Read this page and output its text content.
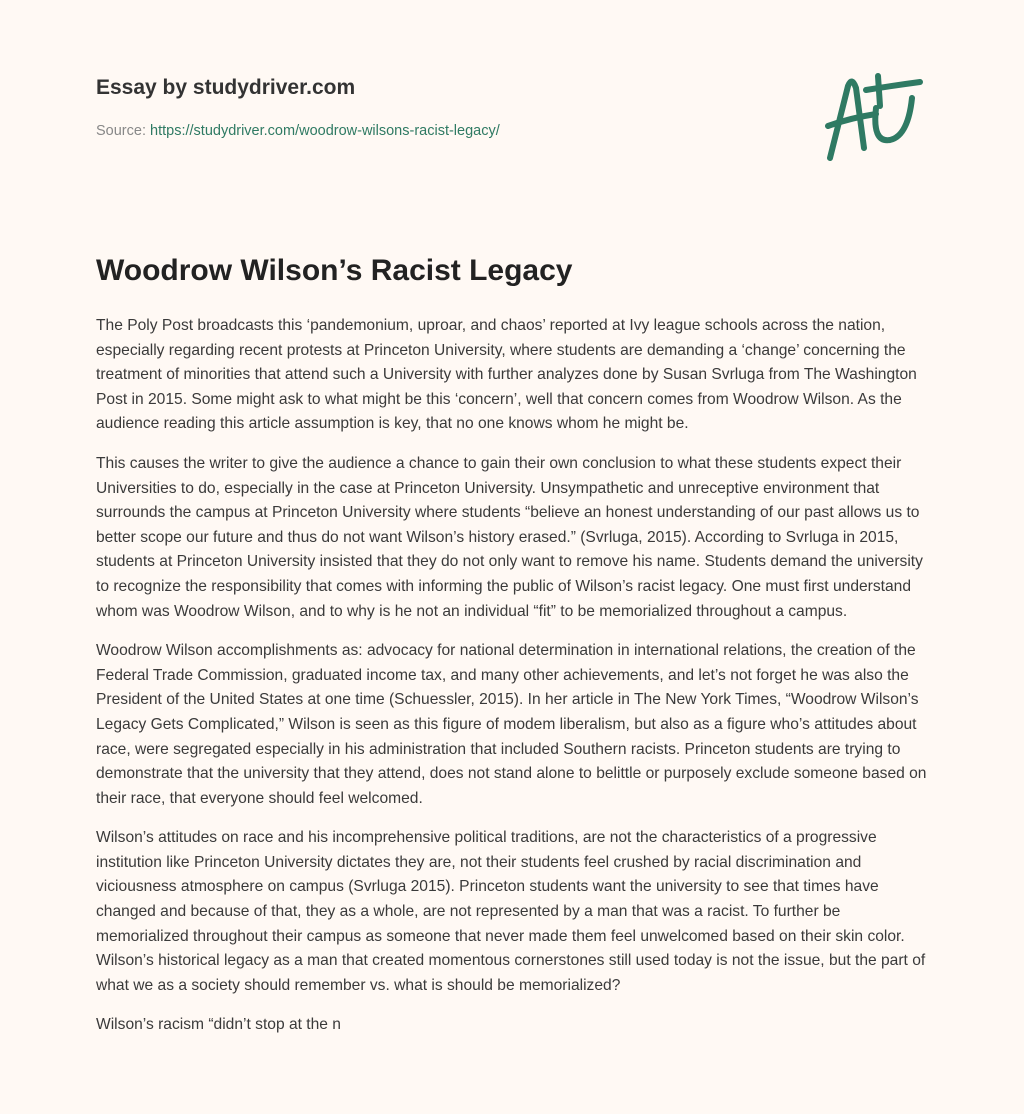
Essay by studydriver.com

Source: https://studydriver.com/woodrow-wilsons-racist-legacy/
Woodrow Wilson’s Racist Legacy

The Poly Post broadcasts this ‘pandemonium, uproar, and chaos’ reported at Ivy league schools across the nation, especially regarding recent protests at Princeton University, where students are demanding a ‘change’ concerning the treatment of minorities that attend such a University with further analyzes done by Susan Svrluga from The Washington Post in 2015. Some might ask to what might be this ‘concern’, well that concern comes from Woodrow Wilson. As the audience reading this article assumption is key, that no one knows whom he might be.

This causes the writer to give the audience a chance to gain their own conclusion to what these students expect their Universities to do, especially in the case at Princeton University. Unsympathetic and unreceptive environment that surrounds the campus at Princeton University where students “believe an honest understanding of our past allows us to better scope our future and thus do not want Wilson’s history erased.” (Svrluga, 2015). According to Svrluga in 2015, students at Princeton University insisted that they do not only want to remove his name. Students demand the university to recognize the responsibility that comes with informing the public of Wilson’s racist legacy. One must first understand whom was Woodrow Wilson, and to why is he not an individual “fit” to be memorialized throughout a campus.

Woodrow Wilson accomplishments as: advocacy for national determination in international relations, the creation of the Federal Trade Commission, graduated income tax, and many other achievements, and let’s not forget he was also the President of the United States at one time (Schuessler, 2015). In her article in The New York Times, “Woodrow Wilson’s Legacy Gets Complicated,” Wilson is seen as this figure of modem liberalism, but also as a figure who’s attitudes about race, were segregated especially in his administration that included Southern racists. Princeton students are trying to demonstrate that the university that they attend, does not stand alone to belittle or purposely exclude someone based on their race, that everyone should feel welcomed.

Wilson’s attitudes on race and his incomprehensive political traditions, are not the characteristics of a progressive institution like Princeton University dictates they are, not their students feel crushed by racial discrimination and viciousness atmosphere on campus (Svrluga 2015). Princeton students want the university to see that times have changed and because of that, they as a whole, are not represented by a man that was a racist. To further be memorialized throughout their campus as someone that never made them feel unwelcomed based on their skin color. Wilson’s historical legacy as a man that created momentous cornerstones still used today is not the issue, but the part of what we as a society should remember vs. what is should be memorialized?

Wilson’s racism “didn’t stop at the n
